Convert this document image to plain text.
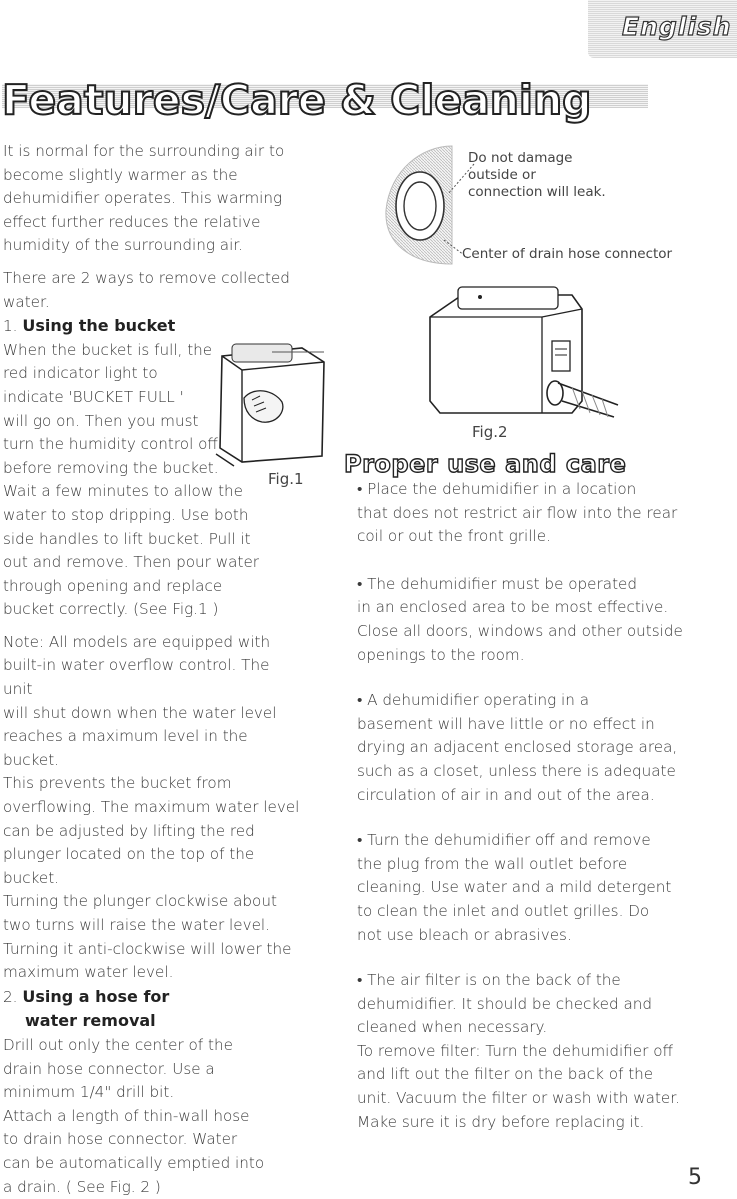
English
Features/Care & Cleaning

It is normal for the surrounding air to
become slightly warmer as the
dehumidifier operates. This warming
effect further reduces the relative
humidity of the surrounding air.

There are 2 ways to remove collected
water.

1. Using the bucket

When the bucket is full, the
red indicator light to
indicate 'BUCKET FULL '
will go on. Then you must
turn the humidity control off
before removing the bucket.
Wait a few minutes to allow the
water to stop dripping. Use both
side handles to lift bucket. Pull it
out and remove. Then pour water
through opening and replace
bucket correctly. (See Fig.1 )

Note: All models are equipped with
built-in water overflow control. The unit
will shut down when the water level
reaches a maximum level in the bucket.
This prevents the bucket from
overflowing. The maximum water level
can be adjusted by lifting the red
plunger located on the top of the
bucket.
Turning the plunger clockwise about
two turns will raise the water level.
Turning it anti-clockwise will lower the
maximum water level.

2. Using a hose for
water removal

Drill out only the center of the
drain hose connector. Use a
minimum 1/4" drill bit.
Attach a length of thin-wall hose
to drain hose connector. Water
can be automatically emptied into
a drain. ( See Fig. 2 )

Fig.1
Do not damage
outside or
connection will leak.
Center of drain hose connector
Fig.2
Proper use and care

• Place the dehumidifier in a location
that does not restrict air flow into the rear
coil or out the front grille.

• The dehumidifier must be operated
in an enclosed area to be most effective.
Close all doors, windows and other outside
openings to the room.

• A dehumidifier operating in a
basement will have little or no effect in
drying an adjacent enclosed storage area,
such as a closet, unless there is adequate
circulation of air in and out of the area.

• Turn the dehumidifier off and remove
the plug from the wall outlet before
cleaning. Use water and a mild detergent
to clean the inlet and outlet grilles. Do
not use bleach or abrasives.

• The air filter is on the back of the
dehumidifier. It should be checked and
cleaned when necessary.
To remove filter: Turn the dehumidifier off
and lift out the filter on the back of the
unit. Vacuum the filter or wash with water.
Make sure it is dry before replacing it.

5
